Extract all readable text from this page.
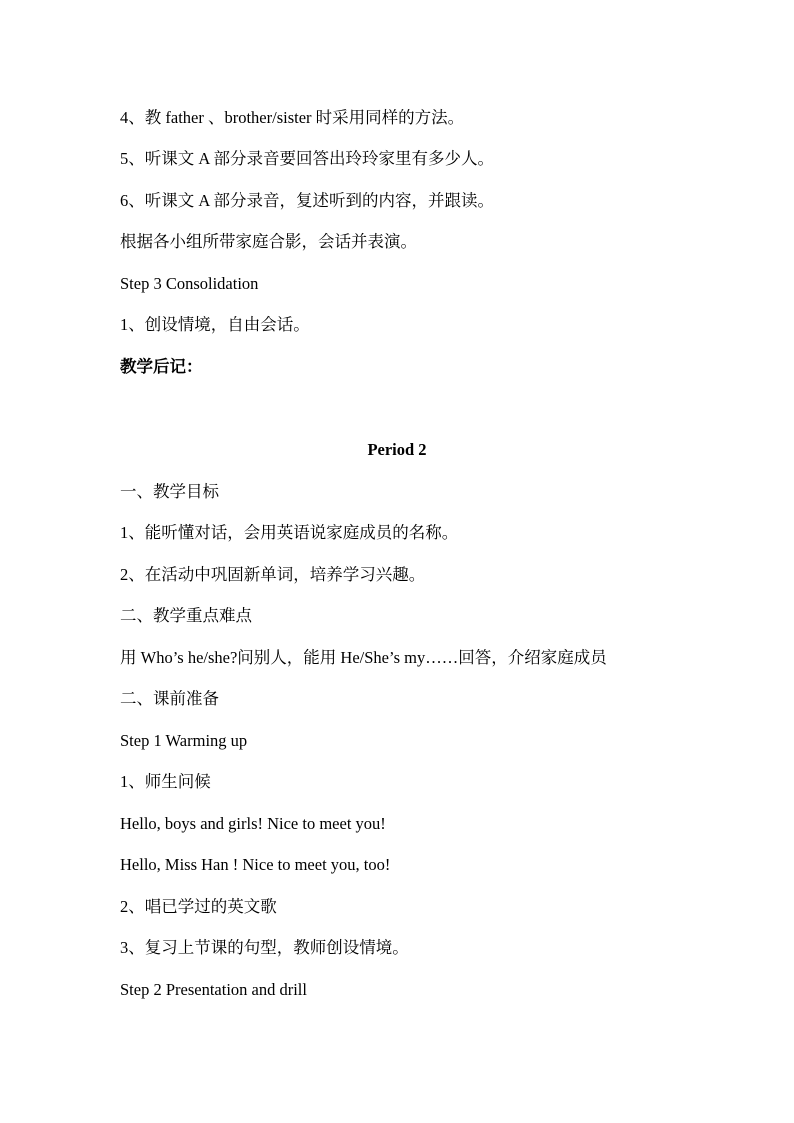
4、教 father 、brother/sister 时采用同样的方法。
5、听课文 A 部分录音要回答出玲玲家里有多少人。
6、听课文 A 部分录音，复述听到的内容，并跟读。
根据各小组所带家庭合影，会话并表演。
Step 3 Consolidation
1、创设情境，自由会话。
教学后记：
Period 2
一、教学目标
1、能听懂对话，会用英语说家庭成员的名称。
2、在活动中巩固新单词，培养学习兴趣。
二、教学重点难点
用 Who’s he/she?问别人，能用 He/She’s my……回答，介绍家庭成员
二、课前准备
Step 1 Warming up
1、师生问候
Hello, boys and girls! Nice to meet you!
Hello, Miss Han ! Nice to meet you, too!
2、唱已学过的英文歌
3、复习上节课的句型，教师创设情境。
Step 2 Presentation and drill
